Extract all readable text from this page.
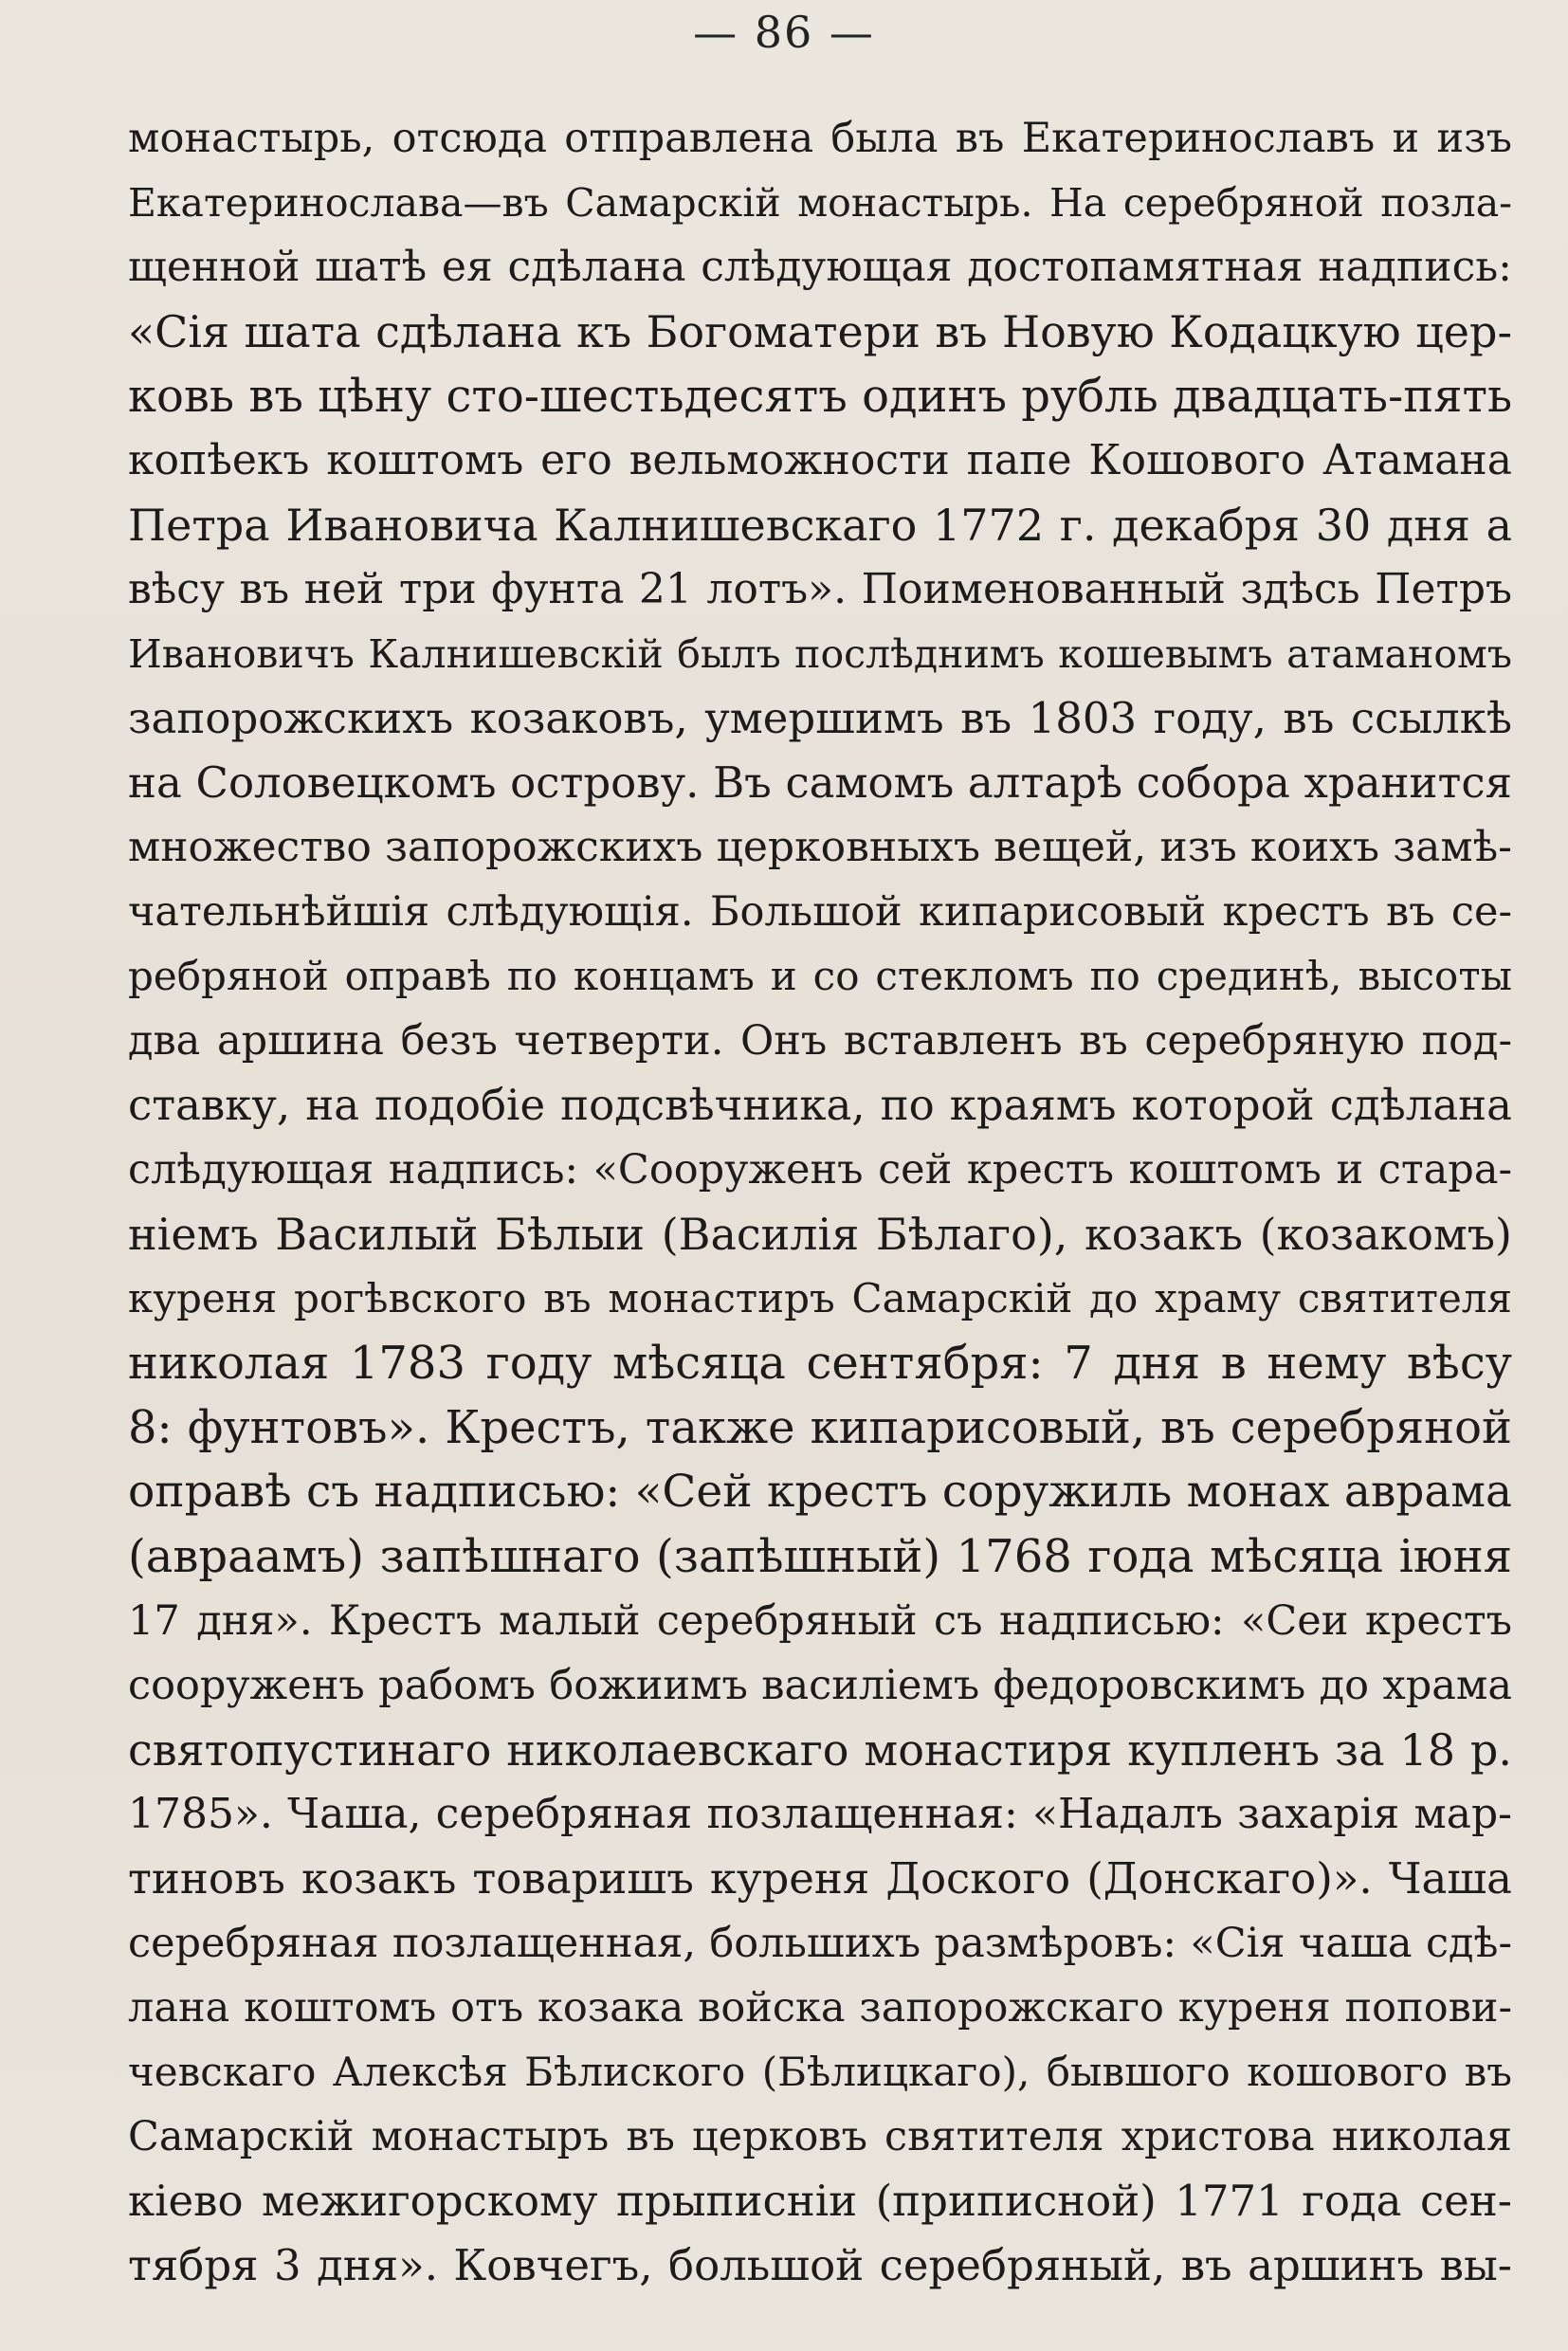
— 86 —
монастырь, отсюда отправлена была въ Екатеринославъ и изъ
Екатеринослава—въ Самарскій монастырь. На серебряной позла-
щенной шатѣ ея сдѣлана слѣдующая достопамятная надпись:
«Сія шата сдѣлана къ Богоматери въ Новую Кодацкую цер-
ковь въ цѣну сто-шестьдесятъ одинъ рубль двадцать-пять
копѣекъ коштомъ его вельможности папе Кошового Атамана
Петра Ивановича Калнишевскаго 1772 г. декабря 30 дня а
вѣсу въ ней три фунта 21 лотъ». Поименованный здѣсь Петръ
Ивановичъ Калнишевскій былъ послѣднимъ кошевымъ атаманомъ
запорожскихъ козаковъ, умершимъ въ 1803 году, въ ссылкѣ
на Соловецкомъ острову. Въ самомъ алтарѣ собора хранится
множество запорожскихъ церковныхъ вещей, изъ коихъ замѣ-
чательнѣйшія слѣдующія. Большой кипарисовый крестъ въ се-
ребряной оправѣ по концамъ и со стекломъ по срединѣ, высоты
два аршина безъ четверти. Онъ вставленъ въ серебряную под-
ставку, на подобіе подсвѣчника, по краямъ которой сдѣлана
слѣдующая надпись: «Сооруженъ сей крестъ коштомъ и стара-
ніемъ Василый Бѣлыи (Василія Бѣлаго), козакъ (козакомъ)
куреня рогѣвского въ монастиръ Самарскій до храму святителя
николая 1783 году мѣсяца сентября: 7 дня в нему вѣсу
8: фунтовъ». Крестъ, также кипарисовый, въ серебряной
оправѣ съ надписью: «Сей крестъ соружиль монах аврама
(авраамъ) запѣшнаго (запѣшный) 1768 года мѣсяца іюня
17 дня». Крестъ малый серебряный съ надписью: «Сеи крестъ
сооруженъ рабомъ божиимъ василіемъ федоровскимъ до храма
святопустинаго николаевскаго монастиря купленъ за 18 р.
1785». Чаша, серебряная позлащенная: «Надалъ захарія мар-
тиновъ козакъ товаришъ куреня Доского (Донскаго)». Чаша
серебряная позлащенная, большихъ размѣровъ: «Сія чаша сдѣ-
лана коштомъ отъ козака войска запорожскаго куреня попови-
чевскаго Алексѣя Бѣлиского (Бѣлицкаго), бывшого кошового въ
Самарскій монастыръ въ церковъ святителя христова николая
кіево межигорскому прыписніи (приписной) 1771 года сен-
тября 3 дня». Ковчегъ, большой серебряный, въ аршинъ вы-
